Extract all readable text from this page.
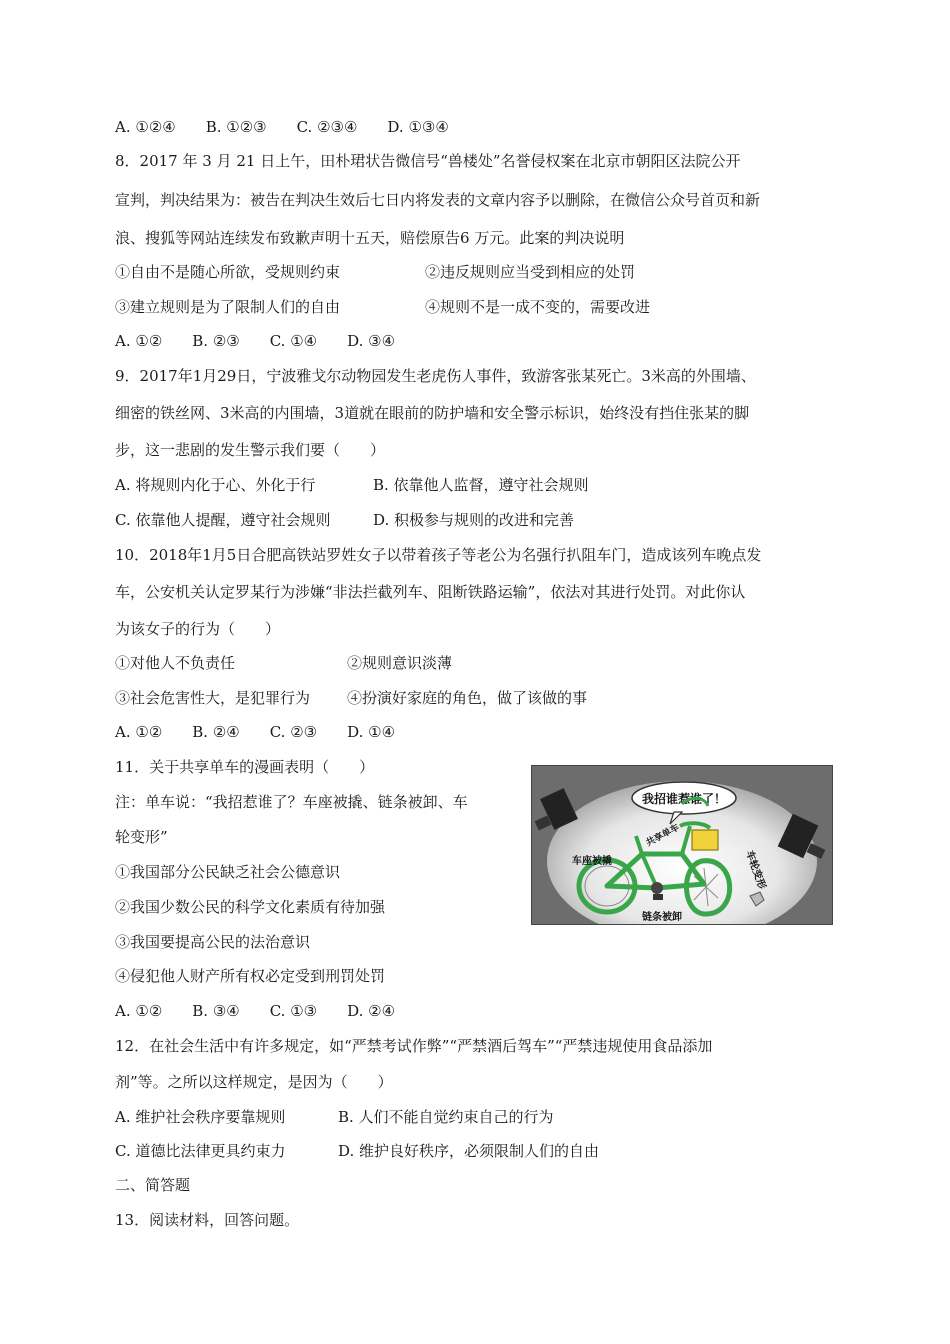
A. ①②④　　B. ①②③　　C. ②③④　　D. ①③④
8．2017 年 3 月 21 日上午，田朴珺状告微信号“兽楼处”名誉侵权案在北京市朝阳区法院公开
宣判，判决结果为：被告在判决生效后七日内将发表的文章内容予以删除，在微信公众号首页和新
浪、搜狐等网站连续发布致歉声明十五天，赔偿原告6 万元。此案的判决说明
①自由不是随心所欲，受规则约束	②违反规则应当受到相应的处罚
③建立规则是为了限制人们的自由	④规则不是一成不变的，需要改进
A. ①②　　B. ②③　　C. ①④　　D. ③④
9．2017年1月29日，宁波雅戈尔动物园发生老虎伤人事件，致游客张某死亡。3米高的外围墙、
细密的铁丝网、3米高的内围墙，3道就在眼前的防护墙和安全警示标识，始终没有挡住张某的脚
步，这一悲剧的发生警示我们要（　　）
A. 将规则内化于心、外化于行	B. 依靠他人监督，遵守社会规则
C. 依靠他人提醒，遵守社会规则	D. 积极参与规则的改进和完善
10．2018年1月5日合肥高铁站罗姓女子以带着孩子等老公为名强行扒阻车门，造成该列车晚点发
车，公安机关认定罗某行为涉嫌“非法拦截列车、阻断铁路运输”，依法对其进行处罚。对此你认
为该女子的行为（　　）
①对他人不负责任	②规则意识淡薄
③社会危害性大，是犯罪行为 ④扮演好家庭的角色，做了该做的事
A. ①②　　B. ②④　　C. ②③　　D. ①④
11．关于共享单车的漫画表明（　　）
注：单车说：“我招惹谁了？车座被撬、链条被卸、车
轮变形”
①我国部分公民缺乏社会公德意识
②我国少数公民的科学文化素质有待加强
③我国要提高公民的法治意识
④侵犯他人财产所有权必定受到刑罚处罚
A. ①②　　B. ③④　　C. ①③　　D. ②④
我招谁惹谁了！
车座被撬
共享单车
链条被卸
车轮变形
12．在社会生活中有许多规定，如“严禁考试作弊”“严禁酒后驾车”“严禁违规使用食品添加
剂”等。之所以这样规定，是因为（　　）
A. 维护社会秩序要靠规则	B. 人们不能自觉约束自己的行为
C. 道德比法律更具约束力	D. 维护良好秩序，必须限制人们的自由
二、简答题
13．阅读材料，回答问题。
